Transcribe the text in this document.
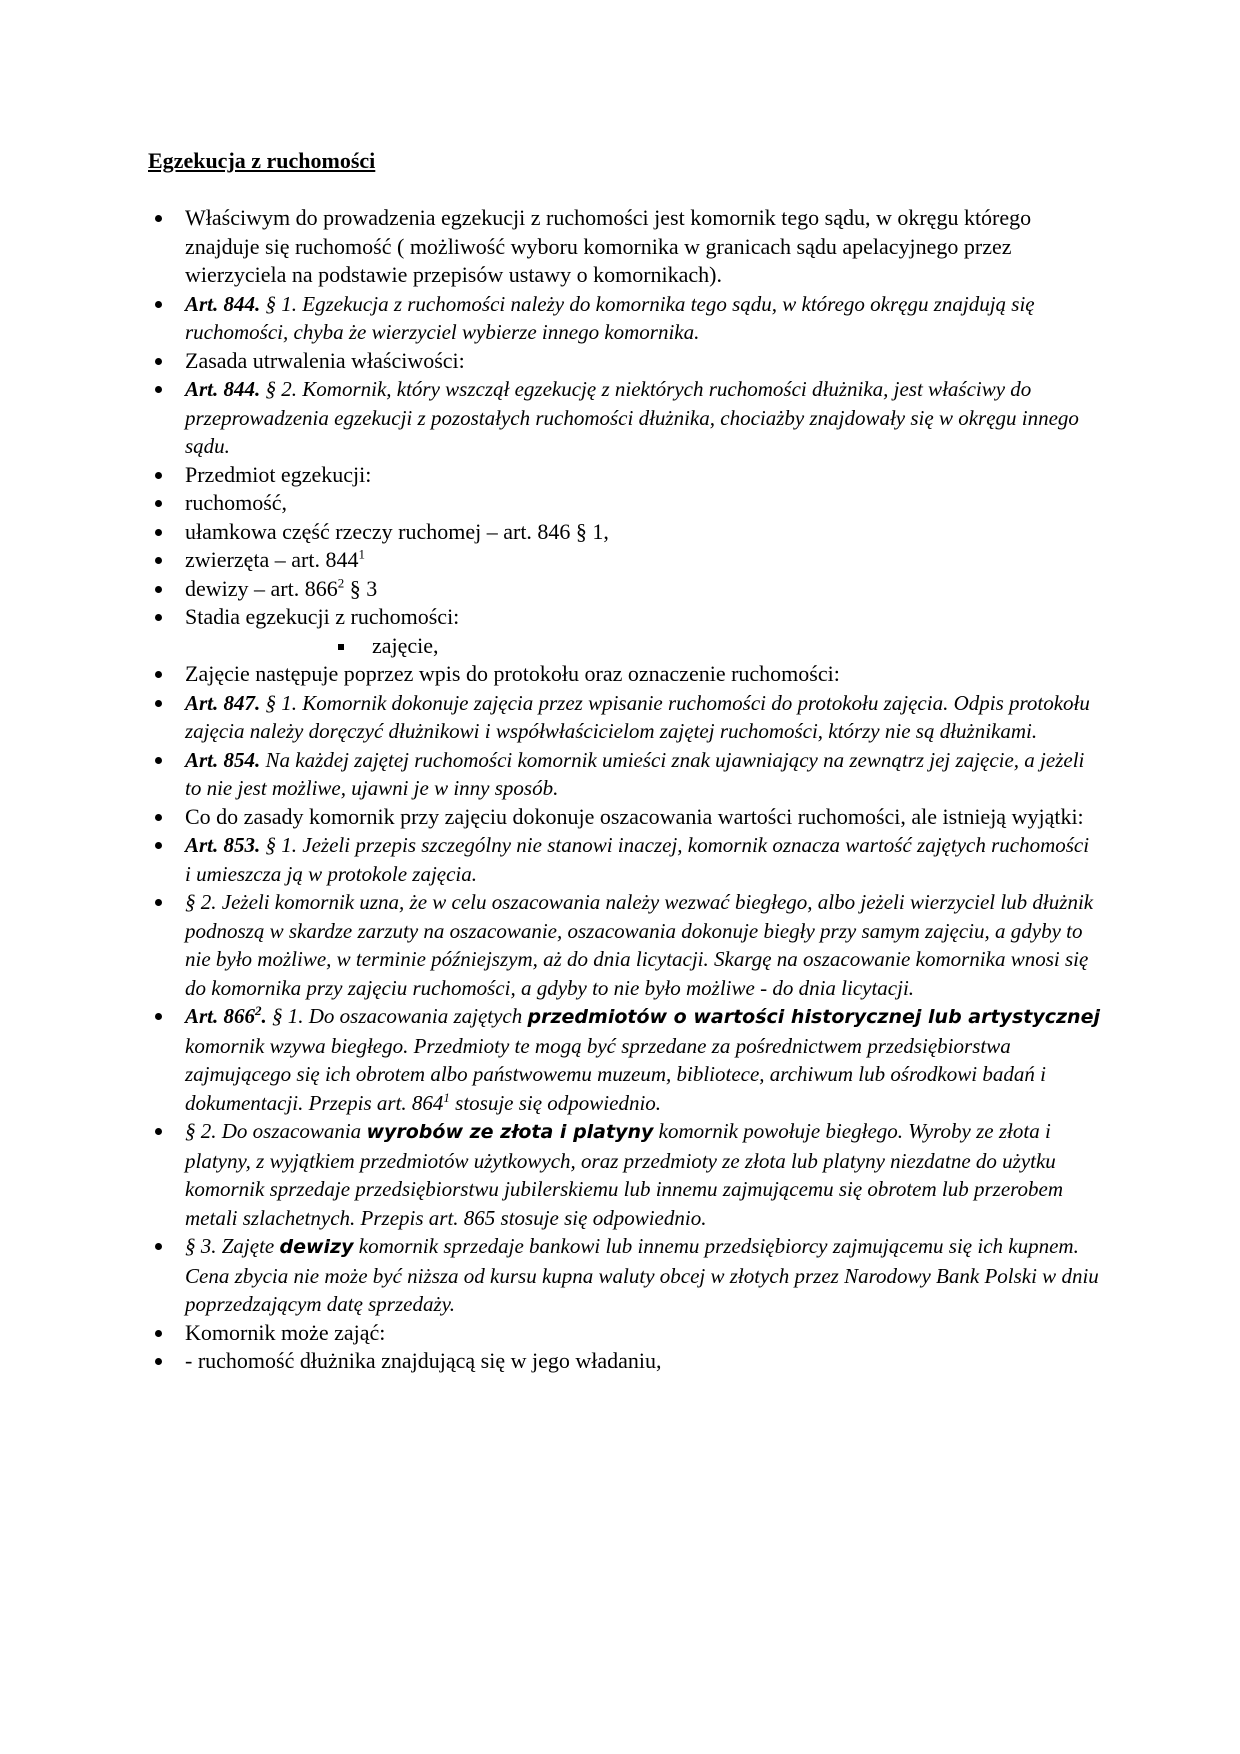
Egzekucja z ruchomości
Właściwym do prowadzenia egzekucji z ruchomości jest komornik tego sądu, w okręgu którego znajduje się ruchomość ( możliwość wyboru komornika w granicach sądu apelacyjnego przez wierzyciela na podstawie przepisów ustawy o komornikach).
Art. 844. § 1. Egzekucja z ruchomości należy do komornika tego sądu, w którego okręgu znajdują się ruchomości, chyba że wierzyciel wybierze innego komornika.
Zasada utrwalenia właściwości:
Art. 844. § 2. Komornik, który wszczął egzekucję z niektórych ruchomości dłużnika, jest właściwy do przeprowadzenia egzekucji z pozostałych ruchomości dłużnika, chociażby znajdowały się w okręgu innego sądu.
Przedmiot egzekucji:
ruchomość,
ułamkowa część rzeczy ruchomej – art. 846 § 1,
zwierzęta – art. $844^1$
dewizy – art. $866^2$ § 3
Stadia egzekucji z ruchomości:
zajęcie,
Zajęcie następuje poprzez wpis do protokołu oraz oznaczenie ruchomości:
Art. 847. § 1. Komornik dokonuje zajęcia przez wpisanie ruchomości do protokołu zajęcia. Odpis protokołu zajęcia należy doręczyć dłużnikowi i współwłaścicielom zajętej ruchomości, którzy nie są dłużnikami.
Art. 854. Na każdej zajętej ruchomości komornik umieści znak ujawniający na zewnątrz jej zajęcie, a jeżeli to nie jest możliwe, ujawni je w inny sposób.
Co do zasady komornik przy zajęciu dokonuje oszacowania wartości ruchomości, ale istnieją wyjątki:
Art. 853. § 1. Jeżeli przepis szczególny nie stanowi inaczej, komornik oznacza wartość zajętych ruchomości i umieszcza ją w protokole zajęcia.
§ 2. Jeżeli komornik uzna, że w celu oszacowania należy wezwać biegłego, albo jeżeli wierzyciel lub dłużnik podnoszą w skardze zarzuty na oszacowanie, oszacowania dokonuje biegły przy samym zajęciu, a gdyby to nie było możliwe, w terminie późniejszym, aż do dnia licytacji. Skargę na oszacowanie komornika wnosi się do komornika przy zajęciu ruchomości, a gdyby to nie było możliwe - do dnia licytacji.
Art. $866^2$. § 1. Do oszacowania zajętych przedmiotów o wartości historycznej lub artystycznej komornik wzywa biegłego. Przedmioty te mogą być sprzedane za pośrednictwem przedsiębiorstwa zajmującego się ich obrotem albo państwowemu muzeum, bibliotece, archiwum lub ośrodkowi badań i dokumentacji. Przepis art. $864^1$ stosuje się odpowiednio.
§ 2. Do oszacowania wyrobów ze złota i platyny komornik powołuje biegłego. Wyroby ze złota i platyny, z wyjątkiem przedmiotów użytkowych, oraz przedmioty ze złota lub platyny niezdatne do użytku komornik sprzedaje przedsiębiorstwu jubilerskiemu lub innemu zajmującemu się obrotem lub przerobem metali szlachetnych. Przepis art. 865 stosuje się odpowiednio.
§ 3. Zajęte dewizy komornik sprzedaje bankowi lub innemu przedsiębiorcy zajmującemu się ich kupnem. Cena zbycia nie może być niższa od kursu kupna waluty obcej w złotych przez Narodowy Bank Polski w dniu poprzedzającym datę sprzedaży.
Komornik może zająć:
- ruchomość dłużnika znajdującą się w jego władaniu,
